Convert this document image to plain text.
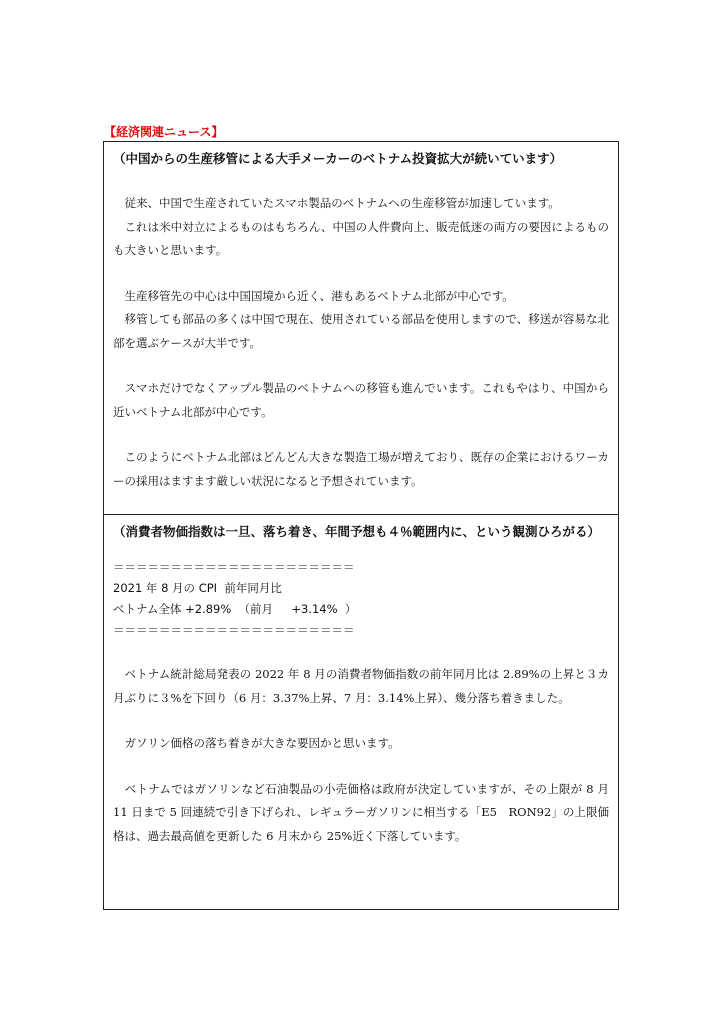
【経済関連ニュース】
（中国からの生産移管による大手メーカーのベトナム投資拡大が続いています）

　従来、中国で生産されていたスマホ製品のベトナムへの生産移管が加速しています。

　これは米中対立によるものはもちろん、中国の人件費向上、販売低迷の両方の要因によるものも大きいと思います。

　生産移管先の中心は中国国境から近く、港もあるベトナム北部が中心です。

　移管しても部品の多くは中国で現在、使用されている部品を使用しますので、移送が容易な北部を選ぶケースが大半です。

　スマホだけでなくアップル製品のベトナムへの移管も進んでいます。これもやはり、中国から近いベトナム北部が中心です。

　このようにベトナム北部はどんどん大きな製造工場が増えており、既存の企業におけるワーカーの採用はますます厳しい状況になると予想されています。

（消費者物価指数は一旦、落ち着き、年間予想も４％範囲内に、という観測ひろがる）
＝＝＝＝＝＝＝＝＝＝＝＝＝＝＝＝＝＝＝＝＝
2021 年 8 月の CPI  前年同月比
ベトナム全体 +2.89%  （前月     +3.14%  ）
＝＝＝＝＝＝＝＝＝＝＝＝＝＝＝＝＝＝＝＝＝

　ベトナム統計総局発表の 2022 年 8 月の消費者物価指数の前年同月比は 2.89%の上昇と３カ月ぶりに３%を下回り（6 月：3.37%上昇、7 月：3.14%上昇）、幾分落ち着きました。

　ガソリン価格の落ち着きが大きな要因かと思います。

　ベトナムではガソリンなど石油製品の小売価格は政府が決定していますが、その上限が 8 月 11 日まで 5 回連続で引き下げられ、レギュラーガソリンに相当する「E5　RON92」の上限価格は、過去最高値を更新した 6 月末から 25%近く下落しています。
